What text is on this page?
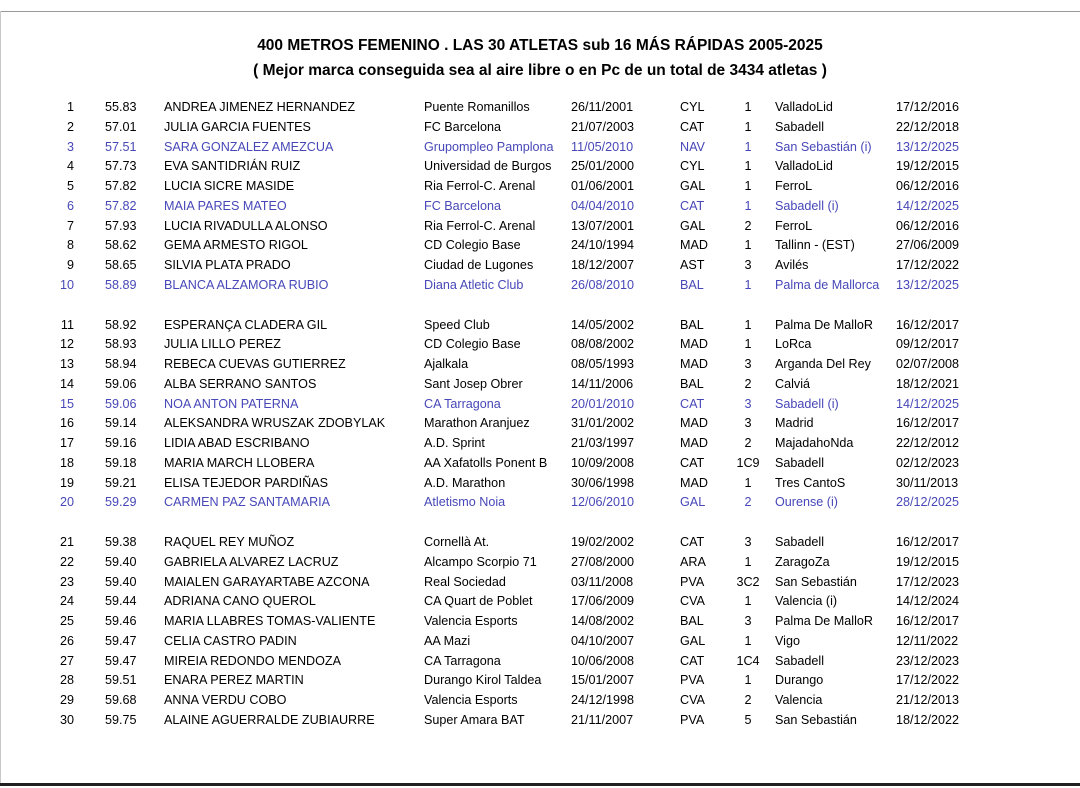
400 METROS FEMENINO . LAS 30 ATLETAS sub 16 MÁS RÁPIDAS 2005-2025
( Mejor marca conseguida sea al aire libre o en Pc de un total de 3434 atletas )
1 55.83	ANDREA JIMENEZ HERNANDEZ	Puente Romanillos	26/11/2001	CYL	1	ValladoLid	17/12/2016
2 57.01	JULIA GARCIA FUENTES	FC Barcelona	21/07/2003	CAT	1	Sabadell	22/12/2018
3 57.51	SARA GONZALEZ AMEZCUA	Grupompleo Pamplona	11/05/2010	NAV	1	San Sebastián (i)	13/12/2025
4 57.73	EVA SANTIDRIÁN RUIZ	Universidad de Burgos	25/01/2000	CYL	1	ValladoLid	19/12/2015
5 57.82	LUCIA SICRE MASIDE	Ria Ferrol-C. Arenal	01/06/2001	GAL	1	FerroL	06/12/2016
6 57.82	MAIA PARES MATEO	FC Barcelona	04/04/2010	CAT	1	Sabadell (i)	14/12/2025
7 57.93	LUCIA RIVADULLA ALONSO	Ria Ferrol-C. Arenal	13/07/2001	GAL	2	FerroL	06/12/2016
8 58.62	GEMA ARMESTO RIGOL	CD Colegio Base	24/10/1994	MAD	1	Tallinn - (EST)	27/06/2009
9 58.65	SILVIA PLATA PRADO	Ciudad de Lugones	18/12/2007	AST	3	Avilés	17/12/2022
10 58.89	BLANCA ALZAMORA RUBIO	Diana Atletic Club	26/08/2010	BAL	1	Palma de Mallorca	13/12/2025
11 58.92	ESPERANÇA CLADERA GIL	Speed Club	14/05/2002	BAL	1	Palma De MalloR	16/12/2017
12 58.93	JULIA LILLO PEREZ	CD Colegio Base	08/08/2002	MAD	1	LoRca	09/12/2017
13 58.94	REBECA CUEVAS GUTIERREZ	Ajalkala	08/05/1993	MAD	3	Arganda Del Rey	02/07/2008
14 59.06	ALBA SERRANO SANTOS	Sant Josep Obrer	14/11/2006	BAL	2	Calviá	18/12/2021
15 59.06	NOA ANTON PATERNA	CA Tarragona	20/01/2010	CAT	3	Sabadell (i)	14/12/2025
16 59.14	ALEKSANDRA WRUSZAK ZDOBYLAK	Marathon Aranjuez	31/01/2002	MAD	3	Madrid	16/12/2017
17 59.16	LIDIA ABAD ESCRIBANO	A.D. Sprint	21/03/1997	MAD	2	MajadahoNda	22/12/2012
18 59.18	MARIA MARCH LLOBERA	AA Xafatolls Ponent B	10/09/2008	CAT	1C9	Sabadell	02/12/2023
19 59.21	ELISA TEJEDOR PARDIÑAS	A.D. Marathon	30/06/1998	MAD	1	Tres CantoS	30/11/2013
20 59.29	CARMEN PAZ SANTAMARIA	Atletismo Noia	12/06/2010	GAL	2	Ourense (i)	28/12/2025
21 59.38	RAQUEL REY MUÑOZ	Cornellà At.	19/02/2002	CAT	3	Sabadell	16/12/2017
22 59.40	GABRIELA ALVAREZ LACRUZ	Alcampo Scorpio 71	27/08/2000	ARA	1	ZaragoZa	19/12/2015
23 59.40	MAIALEN GARAYARTABE AZCONA	Real Sociedad	03/11/2008	PVA	3C2	San Sebastián	17/12/2023
24 59.44	ADRIANA CANO QUEROL	CA Quart de Poblet	17/06/2009	CVA	1	Valencia (i)	14/12/2024
25 59.46	MARIA LLABRES TOMAS-VALIENTE	Valencia Esports	14/08/2002	BAL	3	Palma De MalloR	16/12/2017
26 59.47	CELIA CASTRO PADIN	AA Mazi	04/10/2007	GAL	1	Vigo	12/11/2022
27 59.47	MIREIA REDONDO MENDOZA	CA Tarragona	10/06/2008	CAT	1C4	Sabadell	23/12/2023
28 59.51	ENARA PEREZ MARTIN	Durango Kirol Taldea	15/01/2007	PVA	1	Durango	17/12/2022
29 59.68	ANNA VERDU COBO	Valencia Esports	24/12/1998	CVA	2	Valencia	21/12/2013
30 59.75	ALAINE AGUERRALDE ZUBIAURRE	Super Amara BAT	21/11/2007	PVA	5	San Sebastián	18/12/2022
